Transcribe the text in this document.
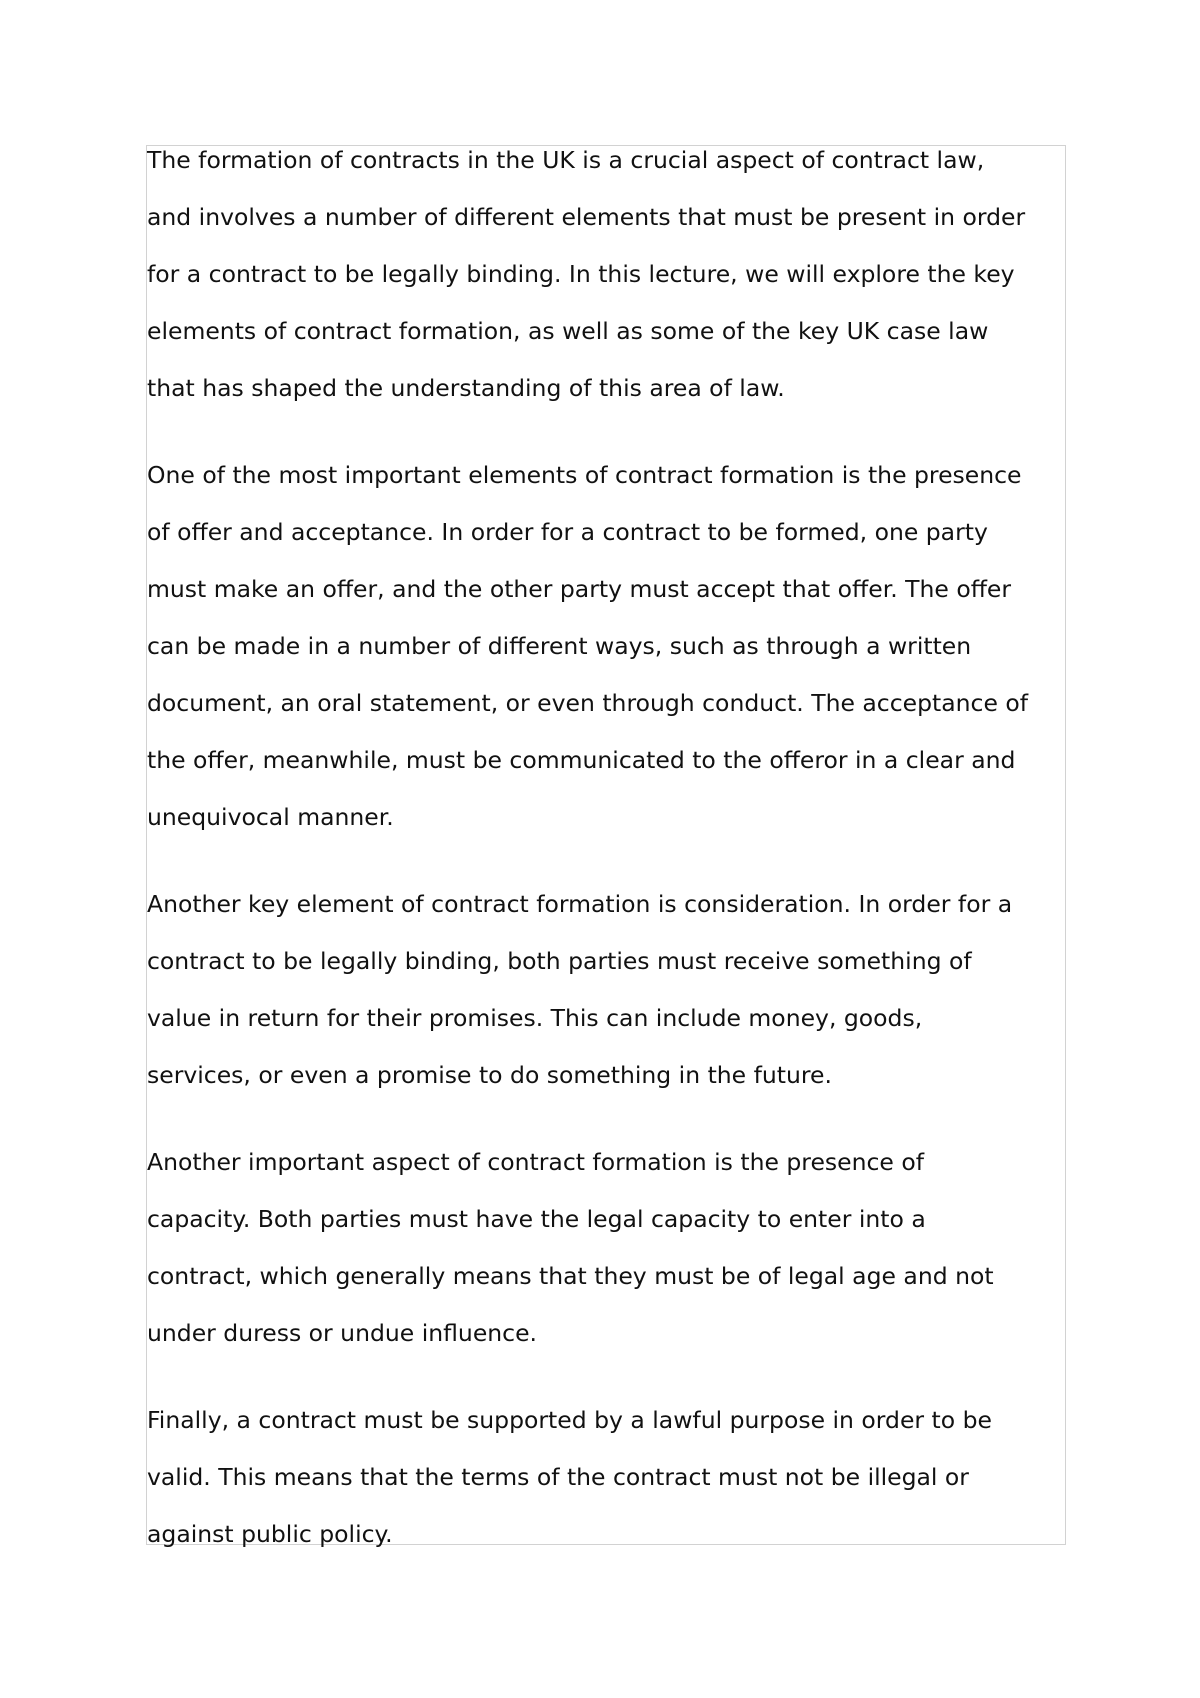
The formation of contracts in the UK is a crucial aspect of contract law,
and involves a number of different elements that must be present in order
for a contract to be legally binding. In this lecture, we will explore the key
elements of contract formation, as well as some of the key UK case law
that has shaped the understanding of this area of law.
One of the most important elements of contract formation is the presence
of offer and acceptance. In order for a contract to be formed, one party
must make an offer, and the other party must accept that offer. The offer
can be made in a number of different ways, such as through a written
document, an oral statement, or even through conduct. The acceptance of
the offer, meanwhile, must be communicated to the offeror in a clear and
unequivocal manner.
Another key element of contract formation is consideration. In order for a
contract to be legally binding, both parties must receive something of
value in return for their promises. This can include money, goods,
services, or even a promise to do something in the future.
Another important aspect of contract formation is the presence of
capacity. Both parties must have the legal capacity to enter into a
contract, which generally means that they must be of legal age and not
under duress or undue influence.
Finally, a contract must be supported by a lawful purpose in order to be
valid. This means that the terms of the contract must not be illegal or
against public policy.
